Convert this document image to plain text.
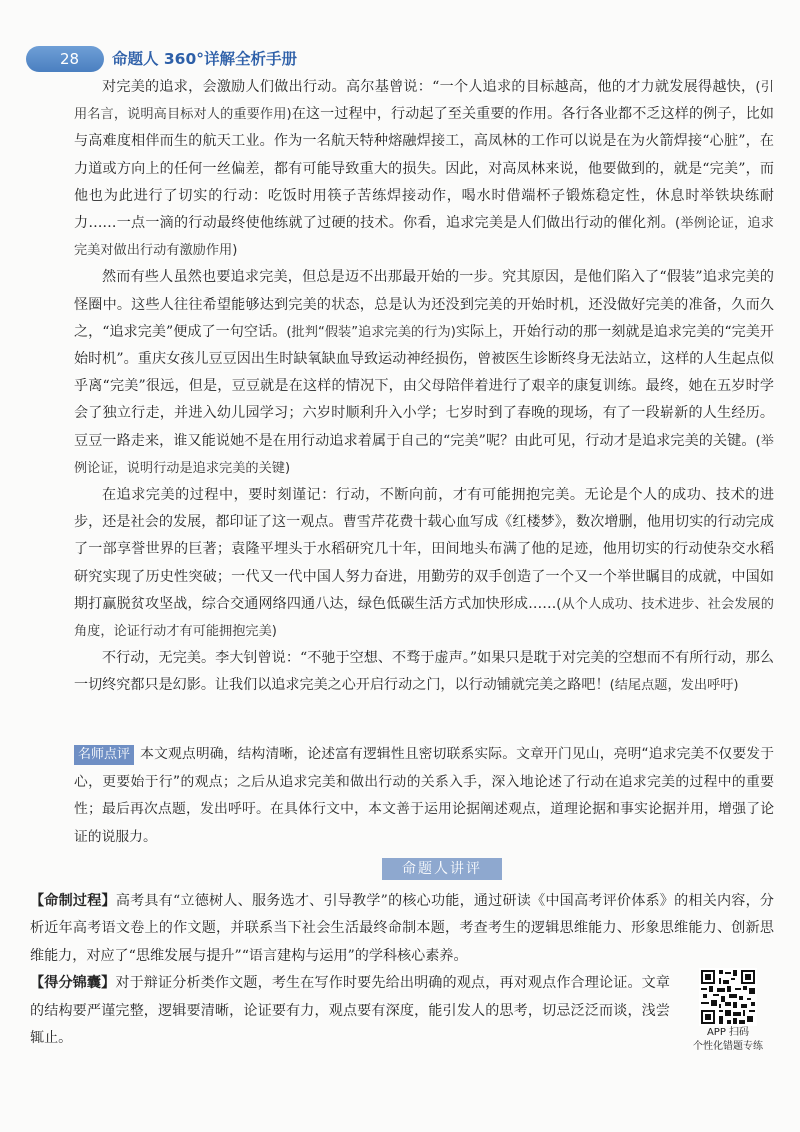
28	命题人 360°详解全析手册

对完美的追求，会激励人们做出行动。高尔基曾说：“一个人追求的目标越高，他的才力就发展得越快，(引用名言，说明高目标对人的重要作用)在这一过程中，行动起了至关重要的作用。各行各业都不乏这样的例子，比如与高难度相伴而生的航天工业。作为一名航天特种熔融焊接工，高凤林的工作可以说是在为火箭焊接“心脏”，在力道或方向上的任何一丝偏差，都有可能导致重大的损失。因此，对高凤林来说，他要做到的，就是“完美”，而他也为此进行了切实的行动：吃饭时用筷子苦练焊接动作，喝水时借端杯子锻炼稳定性，休息时举铁块练耐力……一点一滴的行动最终使他练就了过硬的技术。你看，追求完美是人们做出行动的催化剂。(举例论证，追求完美对做出行动有激励作用)

然而有些人虽然也要追求完美，但总是迈不出那最开始的一步。究其原因，是他们陷入了“假装”追求完美的怪圈中。这些人往往希望能够达到完美的状态，总是认为还没到完美的开始时机，还没做好完美的准备，久而久之，“追求完美”便成了一句空话。(批判“假装”追求完美的行为)实际上，开始行动的那一刻就是追求完美的“完美开始时机”。重庆女孩儿豆豆因出生时缺氧缺血导致运动神经损伤，曾被医生诊断终身无法站立，这样的人生起点似乎离“完美”很远，但是，豆豆就是在这样的情况下，由父母陪伴着进行了艰辛的康复训练。最终，她在五岁时学会了独立行走，并进入幼儿园学习；六岁时顺利升入小学；七岁时到了春晚的现场，有了一段崭新的人生经历。豆豆一路走来，谁又能说她不是在用行动追求着属于自己的“完美”呢？由此可见，行动才是追求完美的关键。(举例论证，说明行动是追求完美的关键)

在追求完美的过程中，要时刻谨记：行动，不断向前，才有可能拥抱完美。无论是个人的成功、技术的进步，还是社会的发展，都印证了这一观点。曹雪芹花费十载心血写成《红楼梦》，数次增删，他用切实的行动完成了一部享誉世界的巨著；袁隆平埋头于水稻研究几十年，田间地头布满了他的足迹，他用切实的行动使杂交水稻研究实现了历史性突破；一代又一代中国人努力奋进，用勤劳的双手创造了一个又一个举世瞩目的成就，中国如期打赢脱贫攻坚战，综合交通网络四通八达，绿色低碳生活方式加快形成……(从个人成功、技术进步、社会发展的角度，论证行动才有可能拥抱完美)

不行动，无完美。李大钊曾说：“不驰于空想、不骛于虚声。”如果只是耽于对完美的空想而不有所行动，那么一切终究都只是幻影。让我们以追求完美之心开启行动之门，以行动铺就完美之路吧！(结尾点题，发出呼吁)

名师点评 本文观点明确，结构清晰，论述富有逻辑性且密切联系实际。文章开门见山，亮明“追求完美不仅要发于心，更要始于行”的观点；之后从追求完美和做出行动的关系入手，深入地论述了行动在追求完美的过程中的重要性；最后再次点题，发出呼吁。在具体行文中，本文善于运用论据阐述观点，道理论据和事实论据并用，增强了论证的说服力。

命题人讲评

【命制过程】高考具有“立德树人、服务选才、引导教学”的核心功能，通过研读《中国高考评价体系》的相关内容，分析近年高考语文卷上的作文题，并联系当下社会生活最终命制本题，考查考生的逻辑思维能力、形象思维能力、创新思维能力，对应了“思维发展与提升”“语言建构与运用”的学科核心素养。

【得分锦囊】对于辩证分析类作文题，考生在写作时要先给出明确的观点，再对观点作合理论证。文章的结构要严谨完整，逻辑要清晰，论证要有力，观点要有深度，能引发人的思考，切忌泛泛而谈，浅尝辄止。	APP 扫码
个性化错题专练
